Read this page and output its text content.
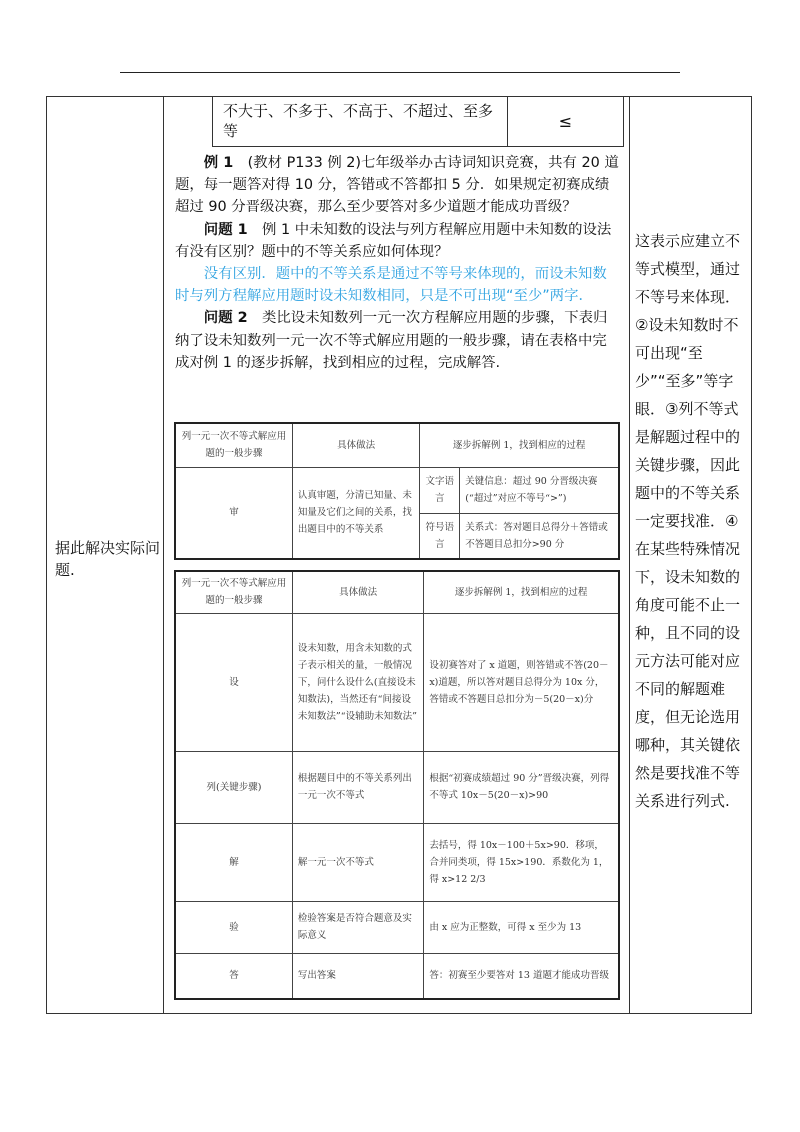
据此解决实际问题.
这表示应建立不等式模型，通过不等号来体现．②设未知数时不可出现“至少”“至多”等字眼．③列不等式是解题过程中的关键步骤，因此题中的不等关系一定要找准．④在某些特殊情况下，设未知数的角度可能不止一种，且不同的设元方法可能对应不同的解题难度，但无论选用哪种，其关键依然是要找准不等关系进行列式.
不大于、不多于、不高于、不超过、至多等	≤

例 1　 (教材 P133 例 2)七年级举办古诗词知识竞赛，共有 20 道题，每一题答对得 10 分，答错或不答都扣 5 分．如果规定初赛成绩超过 90 分晋级决赛，那么至少要答对多少道题才能成功晋级？

问题 1　 例 1 中未知数的设法与列方程解应用题中未知数的设法有没有区别？题中的不等关系应如何体现？

没有区别．题中的不等关系是通过不等号来体现的，而设未知数时与列方程解应用题时设未知数相同，只是不可出现“至少”两字．

问题 2　 类比设未知数列一元一次方程解应用题的步骤，下表归纳了设未知数列一元一次不等式解应用题的一般步骤，请在表格中完成对例 1 的逐步拆解，找到相应的过程，完成解答.

列一元一次不等式解应用题的一般步骤	具体做法	逐步拆解例 1，找到相应的过程	
审	认真审题，分清已知量、未知量及它们之间的关系，找出题目中的不等关系	文字语言	关键信息：超过 90 分晋级决赛(“超过”对应不等号“>”)
		符号语言	关系式：答对题目总得分＋答错或不答题目总扣分>90 分
列一元一次不等式解应用题的一般步骤	具体做法	逐步拆解例 1，找到相应的过程
设	设未知数，用含未知数的式子表示相关的量，一般情况下，问什么设什么(直接设未知数法)，当然还有“间接设未知数法”“设辅助未知数法”	设初赛答对了 x 道题，则答错或不答(20－x)道题，所以答对题目总得分为 10x 分，答错或不答题目总扣分为－5(20－x)分
列(关键步骤)	根据题目中的不等关系列出一元一次不等式	根据“初赛成绩超过 90 分”晋级决赛，列得不等式 10x－5(20－x)>90
解	解一元一次不等式	去括号，得 10x－100＋5x>90．移项，合并同类项，得 15x>190．系数化为 1，得 x>12 2/3
验	检验答案是否符合题意及实际意义	由 x 应为正整数，可得 x 至少为 13
答	写出答案	答：初赛至少要答对 13 道题才能成功晋级
